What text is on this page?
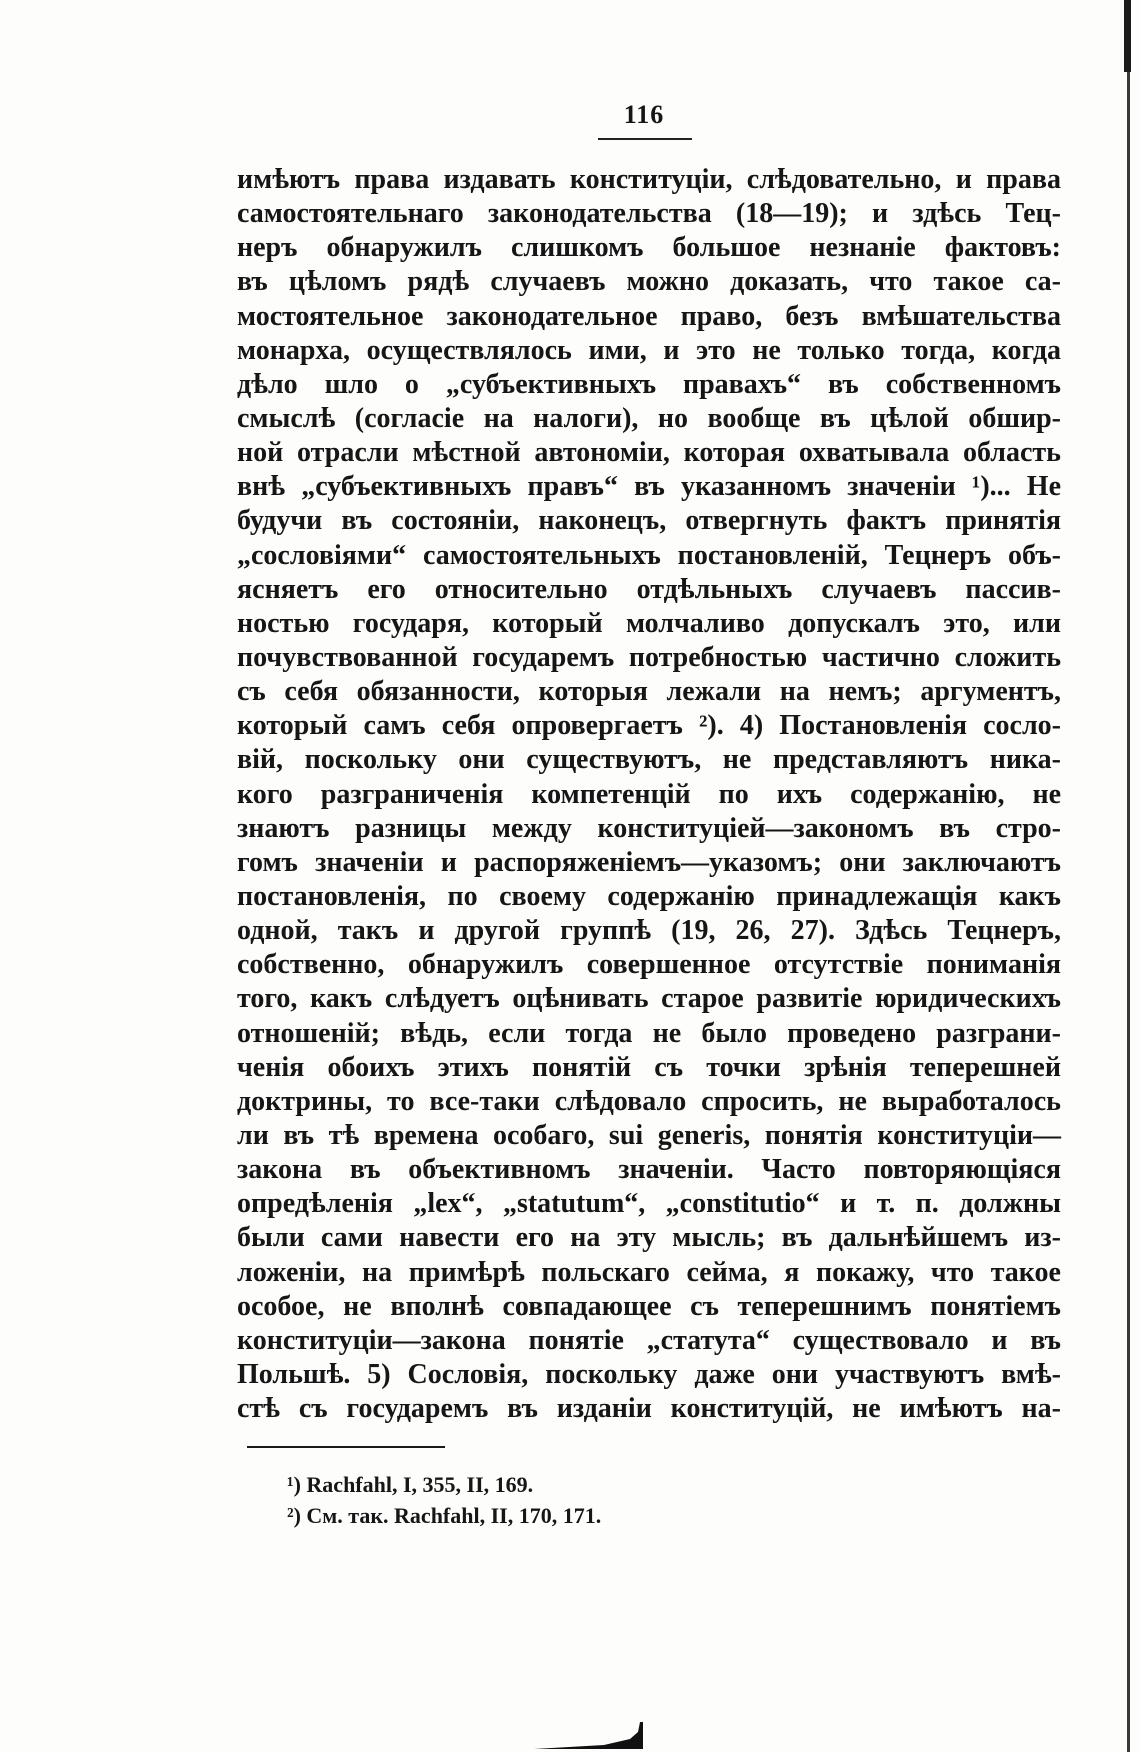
116
имѣютъ права издавать конституціи, слѣдовательно, и права
самостоятельнаго законодательства (18—19); и здѣсь Тец-
неръ обнаружилъ слишкомъ большое незнаніе фактовъ:
въ цѣломъ рядѣ случаевъ можно доказать, что такое са-
мостоятельное законодательное право, безъ вмѣшательства
монарха, осуществлялось ими, и это не только тогда, когда
дѣло шло о „субъективныхъ правахъ“ въ собственномъ
смыслѣ (согласіе на налоги), но вообще въ цѣлой обшир-
ной отрасли мѣстной автономіи, которая охватывала область
внѣ „субъективныхъ правъ“ въ указанномъ значеніи ¹)... Не
будучи въ состояніи, наконецъ, отвергнуть фактъ принятія
„сословіями“ самостоятельныхъ постановленій, Тецнеръ объ-
ясняетъ его относительно отдѣльныхъ случаевъ пассив-
ностью государя, который молчаливо допускалъ это, или
почувствованной государемъ потребностью частично сложить
съ себя обязанности, которыя лежали на немъ; аргументъ,
который самъ себя опровергаетъ ²). 4) Постановленія сосло-
вій, поскольку они существуютъ, не представляютъ ника-
кого разграниченія компетенцій по ихъ содержанію, не
знаютъ разницы между конституціей—закономъ въ стро-
гомъ значеніи и распоряженіемъ—указомъ; они заключаютъ
постановленія, по своему содержанію принадлежащія какъ
одной, такъ и другой группѣ (19, 26, 27). Здѣсь Тецнеръ,
собственно, обнаружилъ совершенное отсутствіе пониманія
того, какъ слѣдуетъ оцѣнивать старое развитіе юридическихъ
отношеній; вѣдь, если тогда не было проведено разграни-
ченія обоихъ этихъ понятій съ точки зрѣнія теперешней
доктрины, то все-таки слѣдовало спросить, не выработалось
ли въ тѣ времена особаго, sui generis, понятія конституціи—
закона въ объективномъ значеніи. Часто повторяющіяся
опредѣленія „lex“, „statutum“, „constitutio“ и т. п. должны
были сами навести его на эту мысль; въ дальнѣйшемъ из-
ложеніи, на примѣрѣ польскаго сейма, я покажу, что такое
особое, не вполнѣ совпадающее съ теперешнимъ понятіемъ
конституціи—закона понятіе „статута“ существовало и въ
Польшѣ. 5) Сословія, поскольку даже они участвуютъ вмѣ-
стѣ съ государемъ въ изданіи конституцій, не имѣютъ на-
¹) Rachfahl, I, 355, II, 169.
²) См. так. Rachfahl, II, 170, 171.
